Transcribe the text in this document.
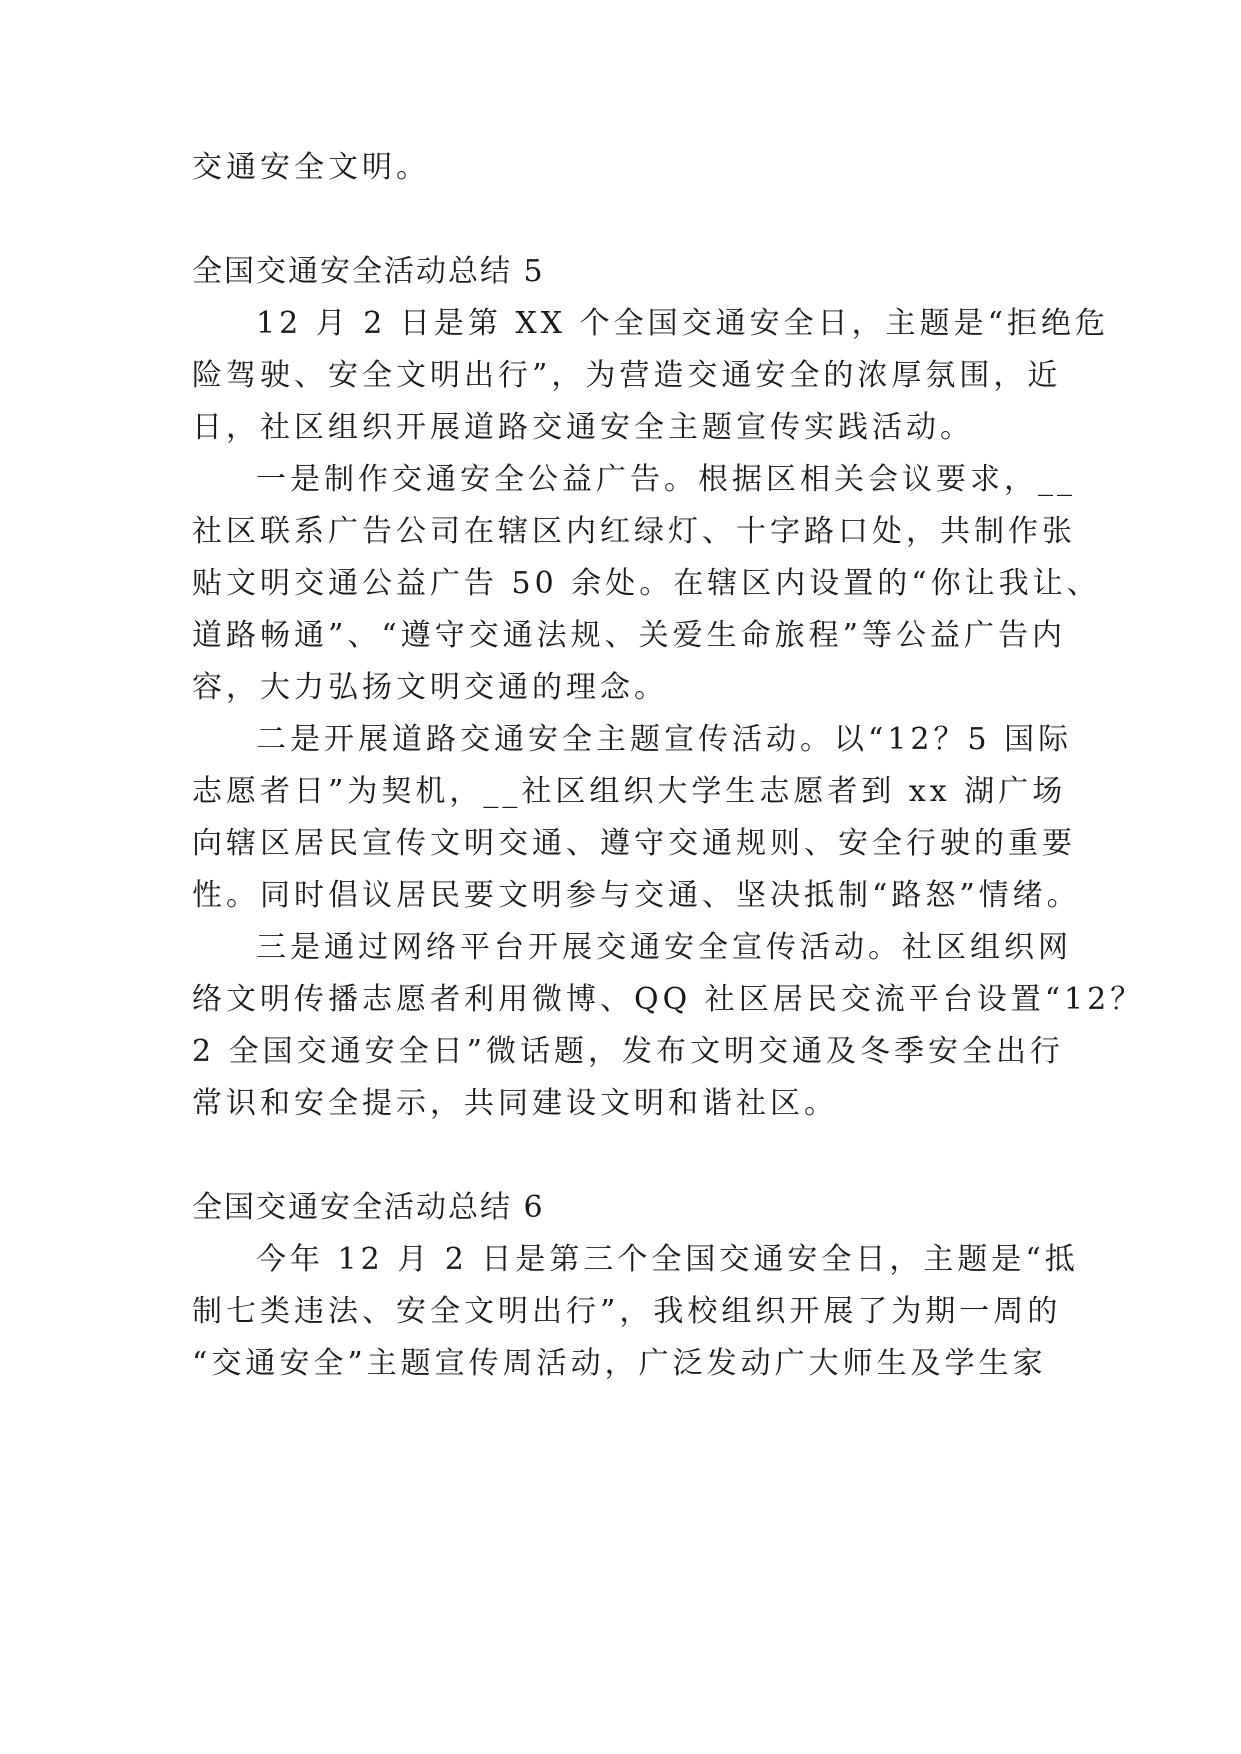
交通安全文明。

全国交通安全活动总结 5

12 月 2 日是第 XX 个全国交通安全日，主题是“拒绝危

险驾驶、安全文明出行”，为营造交通安全的浓厚氛围，近

日，社区组织开展道路交通安全主题宣传实践活动。

一是制作交通安全公益广告。根据区相关会议要求，__

社区联系广告公司在辖区内红绿灯、十字路口处，共制作张

贴文明交通公益广告 50 余处。在辖区内设置的“你让我让、

道路畅通”、“遵守交通法规、关爱生命旅程”等公益广告内

容，大力弘扬文明交通的理念。

二是开展道路交通安全主题宣传活动。以“12？5 国际

志愿者日”为契机，__社区组织大学生志愿者到 xx 湖广场

向辖区居民宣传文明交通、遵守交通规则、安全行驶的重要

性。同时倡议居民要文明参与交通、坚决抵制“路怒”情绪。

三是通过网络平台开展交通安全宣传活动。社区组织网

络文明传播志愿者利用微博、QQ 社区居民交流平台设置“12？

2 全国交通安全日”微话题，发布文明交通及冬季安全出行

常识和安全提示，共同建设文明和谐社区。

全国交通安全活动总结 6

今年 12 月 2 日是第三个全国交通安全日，主题是“抵

制七类违法、安全文明出行”，我校组织开展了为期一周的

“交通安全”主题宣传周活动，广泛发动广大师生及学生家
